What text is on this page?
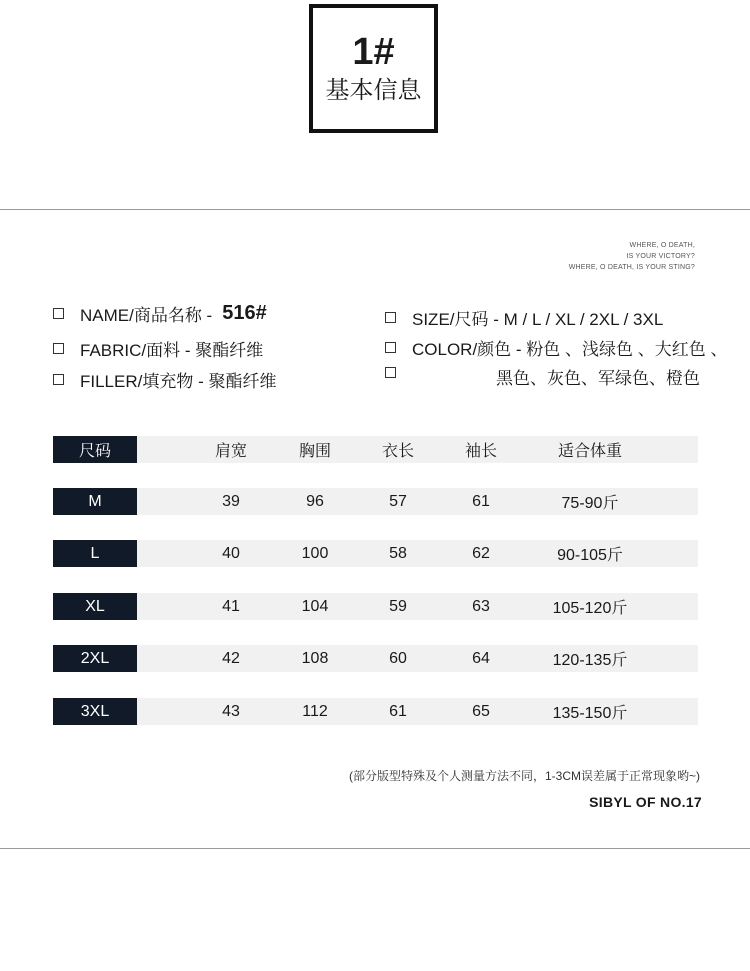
1#
基本信息
WHERE, O DEATH,
IS YOUR VICTORY?
WHERE, O DEATH, IS YOUR STING?
NAME/商品名称 - 516#
FABRIC/面料 - 聚酯纤维
FILLER/填充物 - 聚酯纤维
SIZE/尺码 - M / L / XL / 2XL / 3XL
COLOR/颜色 - 粉色 、浅绿色 、大红色 、
黑色、灰色、军绿色、橙色
尺码	肩宽	胸围	衣长	袖长	适合体重
M	39	96	57	61	75-90斤
L	40	100	58	62	90-105斤
XL	41	104	59	63	105-120斤
2XL	42	108	60	64	120-135斤
3XL	43	112	61	65	135-150斤
(部分版型特殊及个人测量方法不同，1-3CM误差属于正常现象哟~)
SIBYL OF NO.17
